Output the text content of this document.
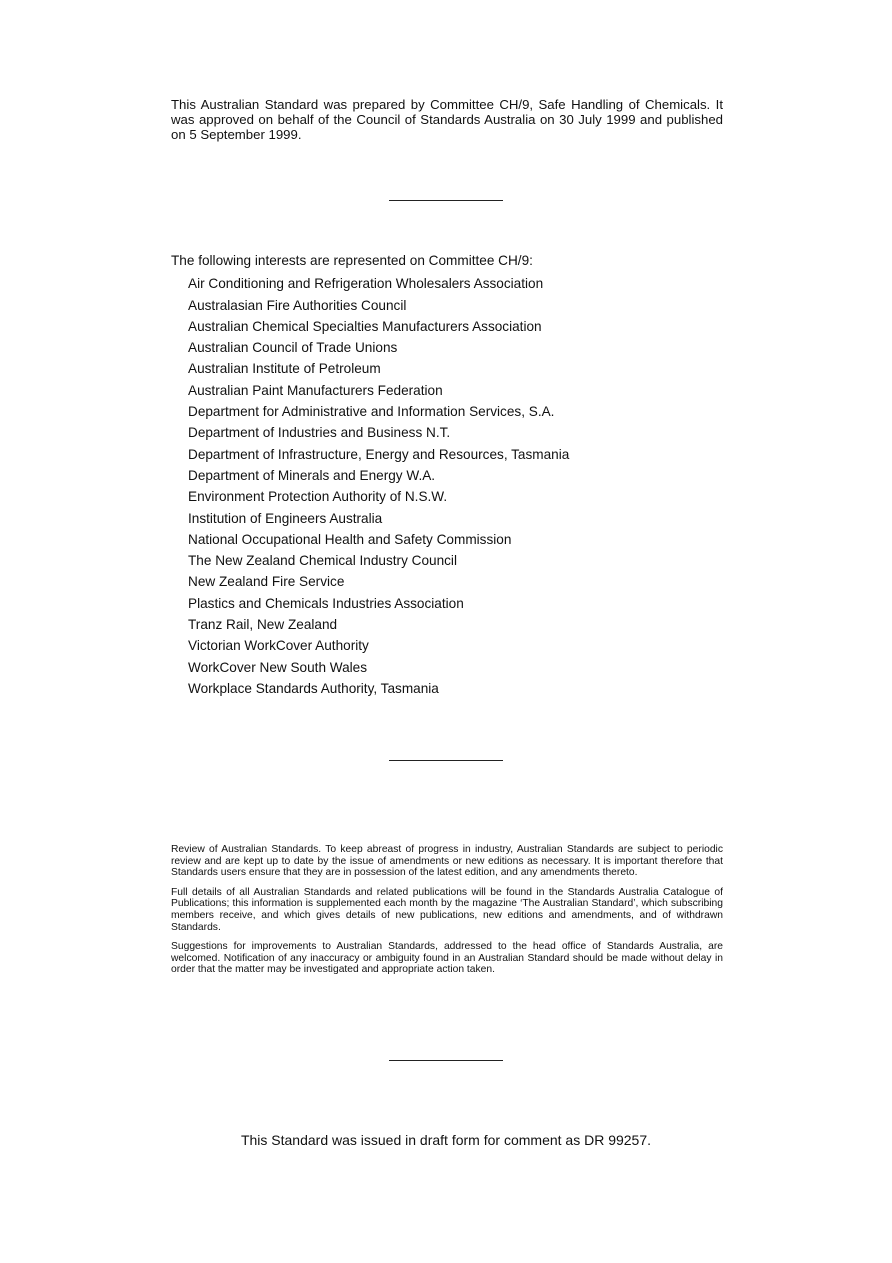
This Australian Standard was prepared by Committee CH/9, Safe Handling of Chemicals. It was approved on behalf of the Council of Standards Australia on 30 July 1999 and published on 5 September 1999.

The following interests are represented on Committee CH/9:

Air Conditioning and Refrigeration Wholesalers Association
Australasian Fire Authorities Council
Australian Chemical Specialties Manufacturers Association
Australian Council of Trade Unions
Australian Institute of Petroleum
Australian Paint Manufacturers Federation
Department for Administrative and Information Services, S.A.
Department of Industries and Business N.T.
Department of Infrastructure, Energy and Resources, Tasmania
Department of Minerals and Energy W.A.
Environment Protection Authority of N.S.W.
Institution of Engineers Australia
National Occupational Health and Safety Commission
The New Zealand Chemical Industry Council
New Zealand Fire Service
Plastics and Chemicals Industries Association
Tranz Rail, New Zealand
Victorian WorkCover Authority
WorkCover New South Wales
Workplace Standards Authority, Tasmania

Review of Australian Standards. To keep abreast of progress in industry, Australian Standards are subject to periodic review and are kept up to date by the issue of amendments or new editions as necessary. It is important therefore that Standards users ensure that they are in possession of the latest edition, and any amendments thereto.

Full details of all Australian Standards and related publications will be found in the Standards Australia Catalogue of Publications; this information is supplemented each month by the magazine ‘The Australian Standard’, which subscribing members receive, and which gives details of new publications, new editions and amendments, and of withdrawn Standards.

Suggestions for improvements to Australian Standards, addressed to the head office of Standards Australia, are welcomed. Notification of any inaccuracy or ambiguity found in an Australian Standard should be made without delay in order that the matter may be investigated and appropriate action taken.

This Standard was issued in draft form for comment as DR 99257.
